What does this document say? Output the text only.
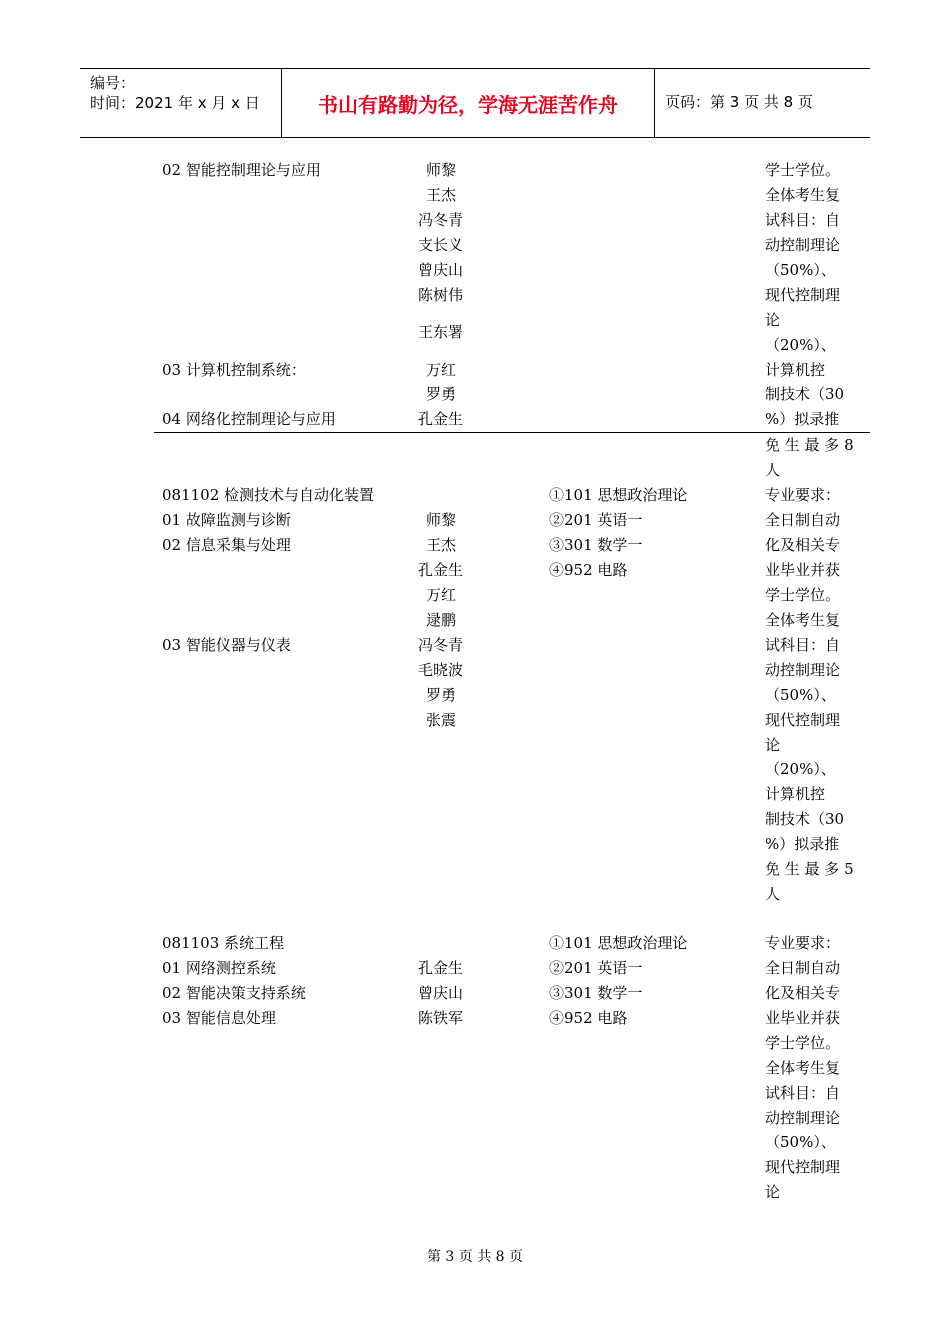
编号：
时间：2021 年 x 月 x 日	书山有路勤为径，学海无涯苦作舟	页码：第 3 页 共 8 页
02 智能控制理论与应用
03 计算机控制系统：
04 网络化控制理论与应用
师黎
王杰
冯冬青
支长义
曾庆山
陈树伟
王东署
万红
罗勇
孔金生
学士学位。
全体考生复
试科目：自
动控制理论
（50%）、
现代控制理
论
（20%）、
计算机控
制技术（30
%）拟录推
免 生 最 多 8
人
081102 检测技术与自动化装置
01 故障监测与诊断
02 信息采集与处理
03 智能仪器与仪表
师黎
王杰
孔金生
万红
逯鹏
冯冬青
毛晓波
罗勇
张震
①101 思想政治理论
②201 英语一
③301 数学一
④952 电路
专业要求：
全日制自动
化及相关专
业毕业并获
学士学位。
全体考生复
试科目：自
动控制理论
（50%）、
现代控制理
论
（20%）、
计算机控
制技术（30
%）拟录推
免 生 最 多 5
人
081103 系统工程
01 网络测控系统
02 智能决策支持系统
03 智能信息处理
孔金生
曾庆山
陈铁军
①101 思想政治理论
②201 英语一
③301 数学一
④952 电路
专业要求：
全日制自动
化及相关专
业毕业并获
学士学位。
全体考生复
试科目：自
动控制理论
（50%）、
现代控制理
论
第 3 页 共 8 页
